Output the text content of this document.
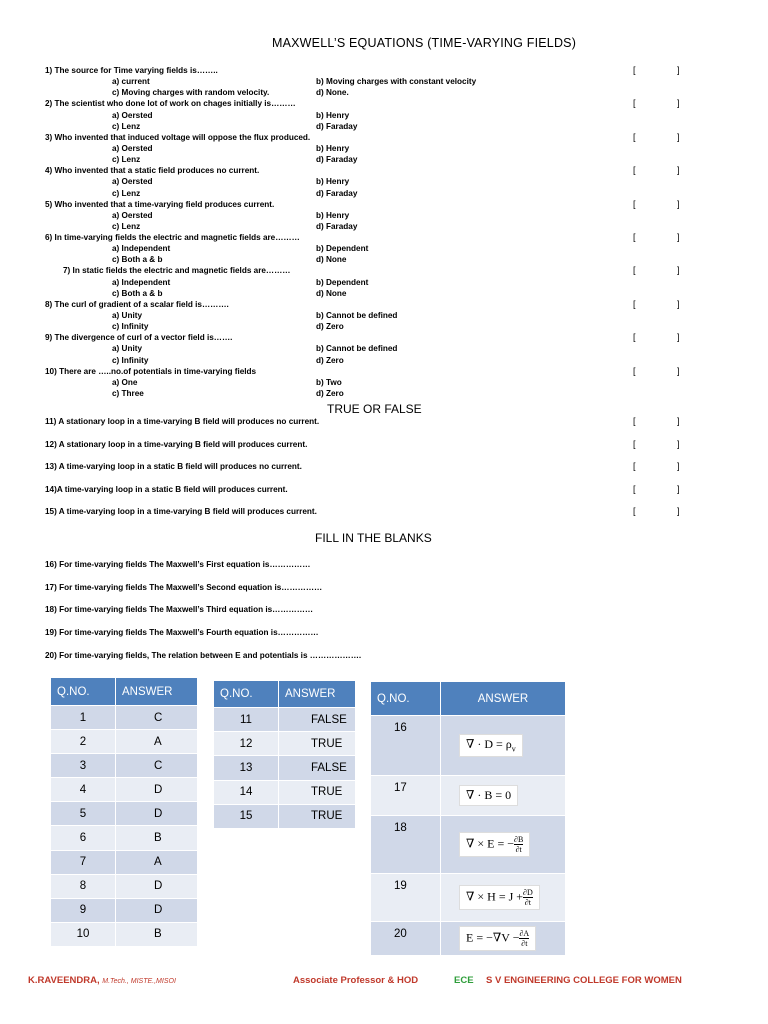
MAXWELL’S EQUATIONS (TIME-VARYING FIELDS)
1) The source for Time varying fields is……..	[	]
a) current	b) Moving charges with constant velocity
c) Moving charges with random velocity.	d) None.
2) The scientist who done lot of work on chages initially is………	[	]
a) Oersted	b) Henry
c) Lenz	d) Faraday
3) Who invented that induced voltage will oppose the flux produced.	[	]
a) Oersted	b) Henry
c) Lenz	d) Faraday
4) Who invented that a static field produces no current.	[	]
a) Oersted	b) Henry
c) Lenz	d) Faraday
5) Who invented that a time-varying field produces current.	[	]
a) Oersted	b) Henry
c) Lenz	d) Faraday
6) In time-varying fields the electric and magnetic fields are………	[	]
a) Independent	b) Dependent
c) Both a & b	d) None
7) In static fields the electric and magnetic fields are………	[	]
a) Independent	b) Dependent
c) Both a & b	d) None
8) The curl of gradient of a scalar field is……….	[	]
a) Unity	b) Cannot be defined
c) Infinity	d) Zero
9) The divergence of curl of a vector field is…….	[	]
a) Unity	b) Cannot be defined
c) Infinity	d) Zero
10) There are …..no.of potentials in time-varying fields	[	]
a) One	b) Two
c) Three	d) Zero
TRUE OR FALSE
11) A stationary loop in a time-varying B field will produces no current.	[	]
12) A stationary loop in a time-varying B field will produces current.	[	]
13) A time-varying loop in a static B field will produces no current.	[	]
14)A time-varying loop in a static B field will produces current.	[	]
15) A time-varying loop in a time-varying B field will produces current.	[	]
FILL IN THE BLANKS
16) For time-varying fields The Maxwell’s First equation is……………
17) For time-varying fields The Maxwell’s Second equation is……………
18) For time-varying fields The Maxwell’s Third equation is……………
19) For time-varying fields The Maxwell’s Fourth equation is……………
20) For time-varying fields, The relation between E and potentials is ……………….
Q.NO.	ANSWER
1	C
2	A
3	C
4	D
5	D
6	B
7	A
8	D
9	D
10	B
Q.NO.	ANSWER
11	FALSE
12	TRUE
13	FALSE
14	TRUE
15	TRUE
Q.NO.	ANSWER
16	∇ · $D = \rho_v$
17	∇ · B = 0
18	∇ × E = − $\frac{\partial B}{\partial t}$

19	∇ × $H = J + \frac{\partial D}{\partial t}$

20	$E = -\nabla V - \frac{\partial A}{\partial t}$
K.RAVEENDRA, M.Tech., MISTE.,MISOI	Associate Professor & HOD	ECE S V ENGINEERING COLLEGE FOR WOMEN
